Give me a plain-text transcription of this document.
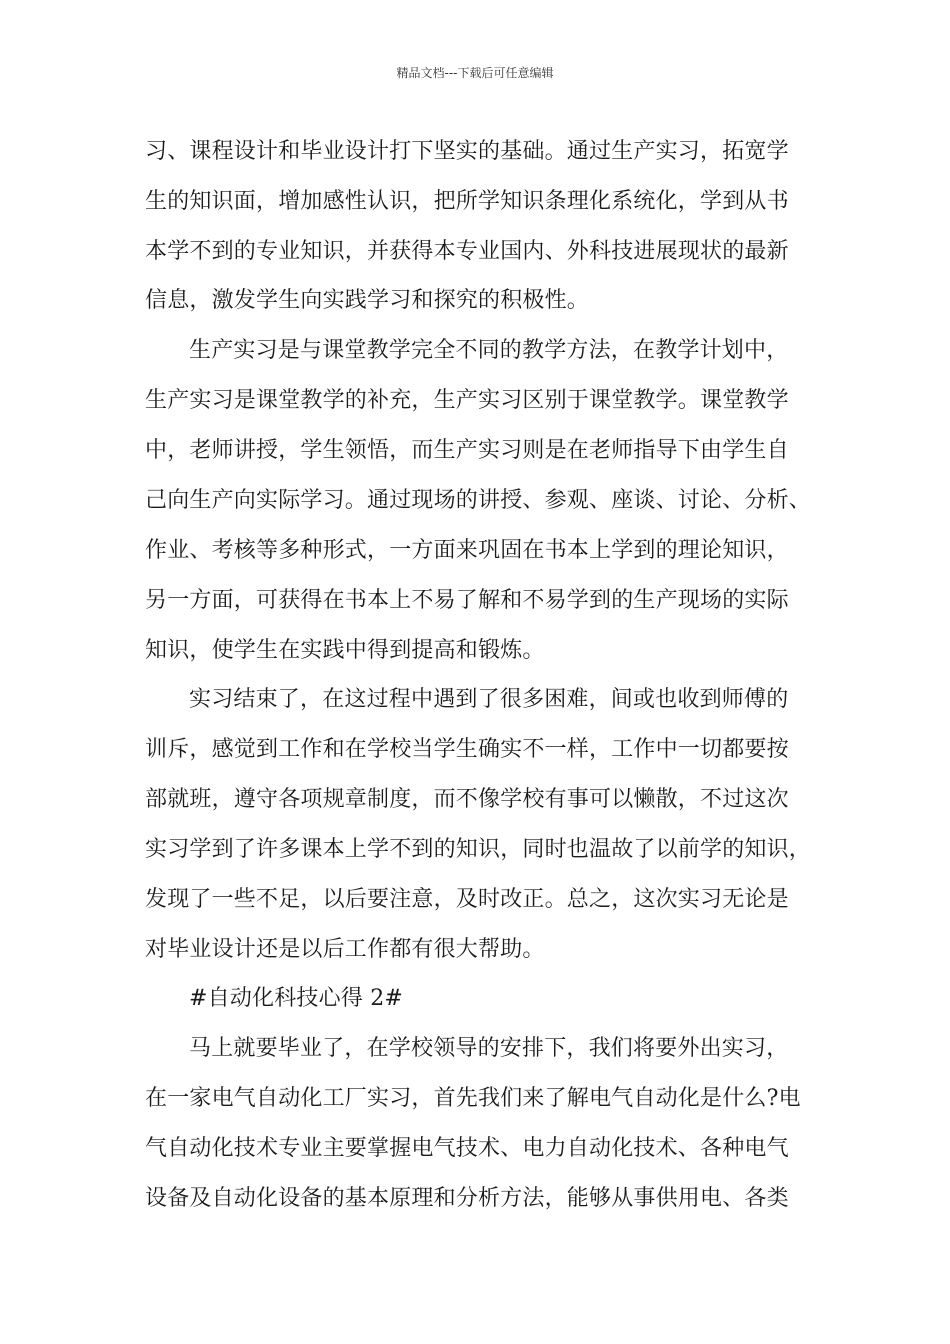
精品文档---下载后可任意编辑
习、课程设计和毕业设计打下坚实的基础。通过生产实习，拓宽学
生的知识面，增加感性认识，把所学知识条理化系统化，学到从书
本学不到的专业知识，并获得本专业国内、外科技进展现状的最新
信息，激发学生向实践学习和探究的积极性。
生产实习是与课堂教学完全不同的教学方法，在教学计划中，
生产实习是课堂教学的补充，生产实习区别于课堂教学。课堂教学
中，老师讲授，学生领悟，而生产实习则是在老师指导下由学生自
己向生产向实际学习。通过现场的讲授、参观、座谈、讨论、分析、
作业、考核等多种形式，一方面来巩固在书本上学到的理论知识，
另一方面，可获得在书本上不易了解和不易学到的生产现场的实际
知识，使学生在实践中得到提高和锻炼。
实习结束了，在这过程中遇到了很多困难，间或也收到师傅的
训斥，感觉到工作和在学校当学生确实不一样，工作中一切都要按
部就班，遵守各项规章制度，而不像学校有事可以懒散，不过这次
实习学到了许多课本上学不到的知识，同时也温故了以前学的知识，
发现了一些不足，以后要注意，及时改正。总之，这次实习无论是
对毕业设计还是以后工作都有很大帮助。
#自动化科技心得 2#
马上就要毕业了，在学校领导的安排下，我们将要外出实习，
在一家电气自动化工厂实习，首先我们来了解电气自动化是什么?电
气自动化技术专业主要掌握电气技术、电力自动化技术、各种电气
设备及自动化设备的基本原理和分析方法，能够从事供用电、各类
